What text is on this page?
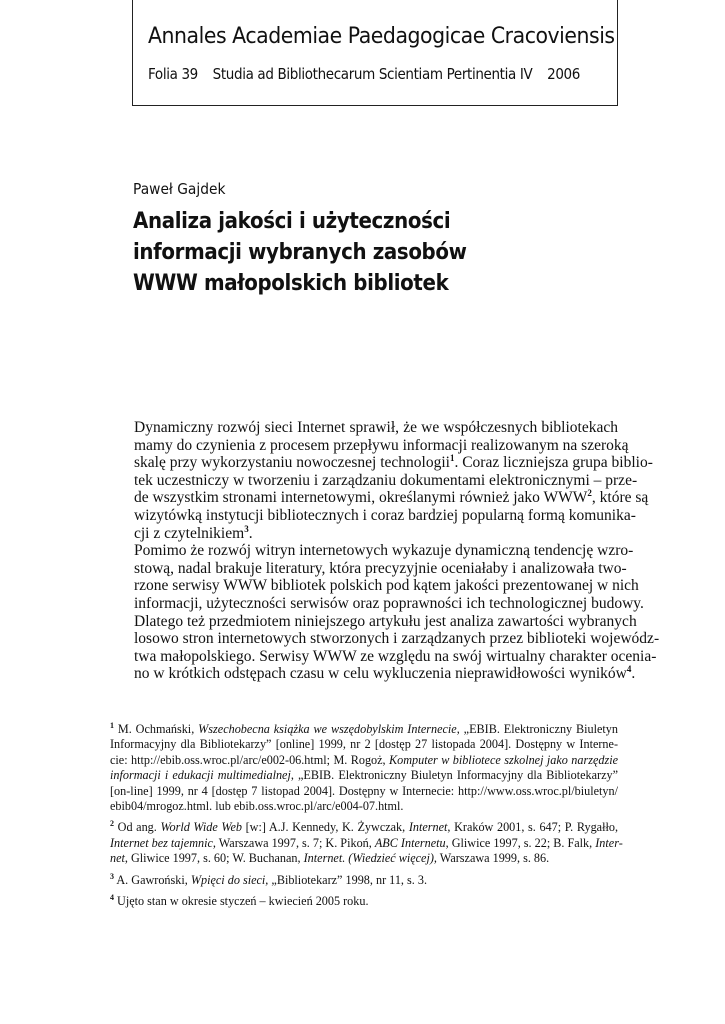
Annales Academiae Paedagogicae Cracoviensis
Folia 39 Studia ad Bibliothecarum Scientiam Pertinentia IV 2006
Paweł Gajdek
Analiza jakości i użyteczności
informacji wybranych zasobów
WWW małopolskich bibliotek

Dynamiczny rozwój sieci Internet sprawił, że we współczesnych bibliotekach
mamy do czynienia z procesem przepływu informacji realizowanym na szeroką
skalę przy wykorzystaniu nowoczesnej technologii$^1$. Coraz liczniejsza grupa biblio-
tek uczestniczy w tworzeniu i zarządzaniu dokumentami elektronicznymi – prze-
de wszystkim stronami internetowymi, określanymi również jako WWW$^2$, które są
wizytówką instytucji bibliotecznych i coraz bardziej popularną formą komunika-
cji z czytelnikiem$^3$.

Pomimo że rozwój witryn internetowych wykazuje dynamiczną tendencję wzro-
stową, nadal brakuje literatury, która precyzyjnie oceniałaby i analizowała two-
rzone serwisy WWW bibliotek polskich pod kątem jakości prezentowanej w nich
informacji, użyteczności serwisów oraz poprawności ich technologicznej budowy.
Dlatego też przedmiotem niniejszego artykułu jest analiza zawartości wybranych
losowo stron internetowych stworzonych i zarządzanych przez biblioteki wojewódz-
twa małopolskiego. Serwisy WWW ze względu na swój wirtualny charakter ocenia-
no w krótkich odstępach czasu w celu wykluczenia nieprawidłowości wyników$^4$.

$^1$ M. Ochmański, Wszechobecna książka we wszędobylskim Internecie, „EBIB. Elektroniczny Biuletyn
Informacyjny dla Bibliotekarzy” [online] 1999, nr 2 [dostęp 27 listopada 2004]. Dostępny w Interne-
cie: http://ebib.oss.wroc.pl/arc/e002-06.html; M. Rogoż, Komputer w bibliotece szkolnej jako narzędzie
informacji i edukacji multimedialnej, „EBIB. Elektroniczny Biuletyn Informacyjny dla Bibliotekarzy”
[on-line] 1999, nr 4 [dostęp 7 listopad 2004]. Dostępny w Internecie: http://www.oss.wroc.pl/biuletyn/
ebib04/mrogoz.html. lub ebib.oss.wroc.pl/arc/e004-07.html.
$^2$ Od ang. World Wide Web [w:] A.J. Kennedy, K. Żywczak, Internet, Kraków 2001, s. 647; P. Rygałło,
Internet bez tajemnic, Warszawa 1997, s. 7; K. Pikoń, ABC Internetu, Gliwice 1997, s. 22; B. Falk, Inter-
net, Gliwice 1997, s. 60; W. Buchanan, Internet. (Wiedzieć więcej), Warszawa 1999, s. 86.
$^3$ A. Gawroński, Wpięci do sieci, „Bibliotekarz” 1998, nr 11, s. 3.
$^4$ Ujęto stan w okresie styczeń – kwiecień 2005 roku.
